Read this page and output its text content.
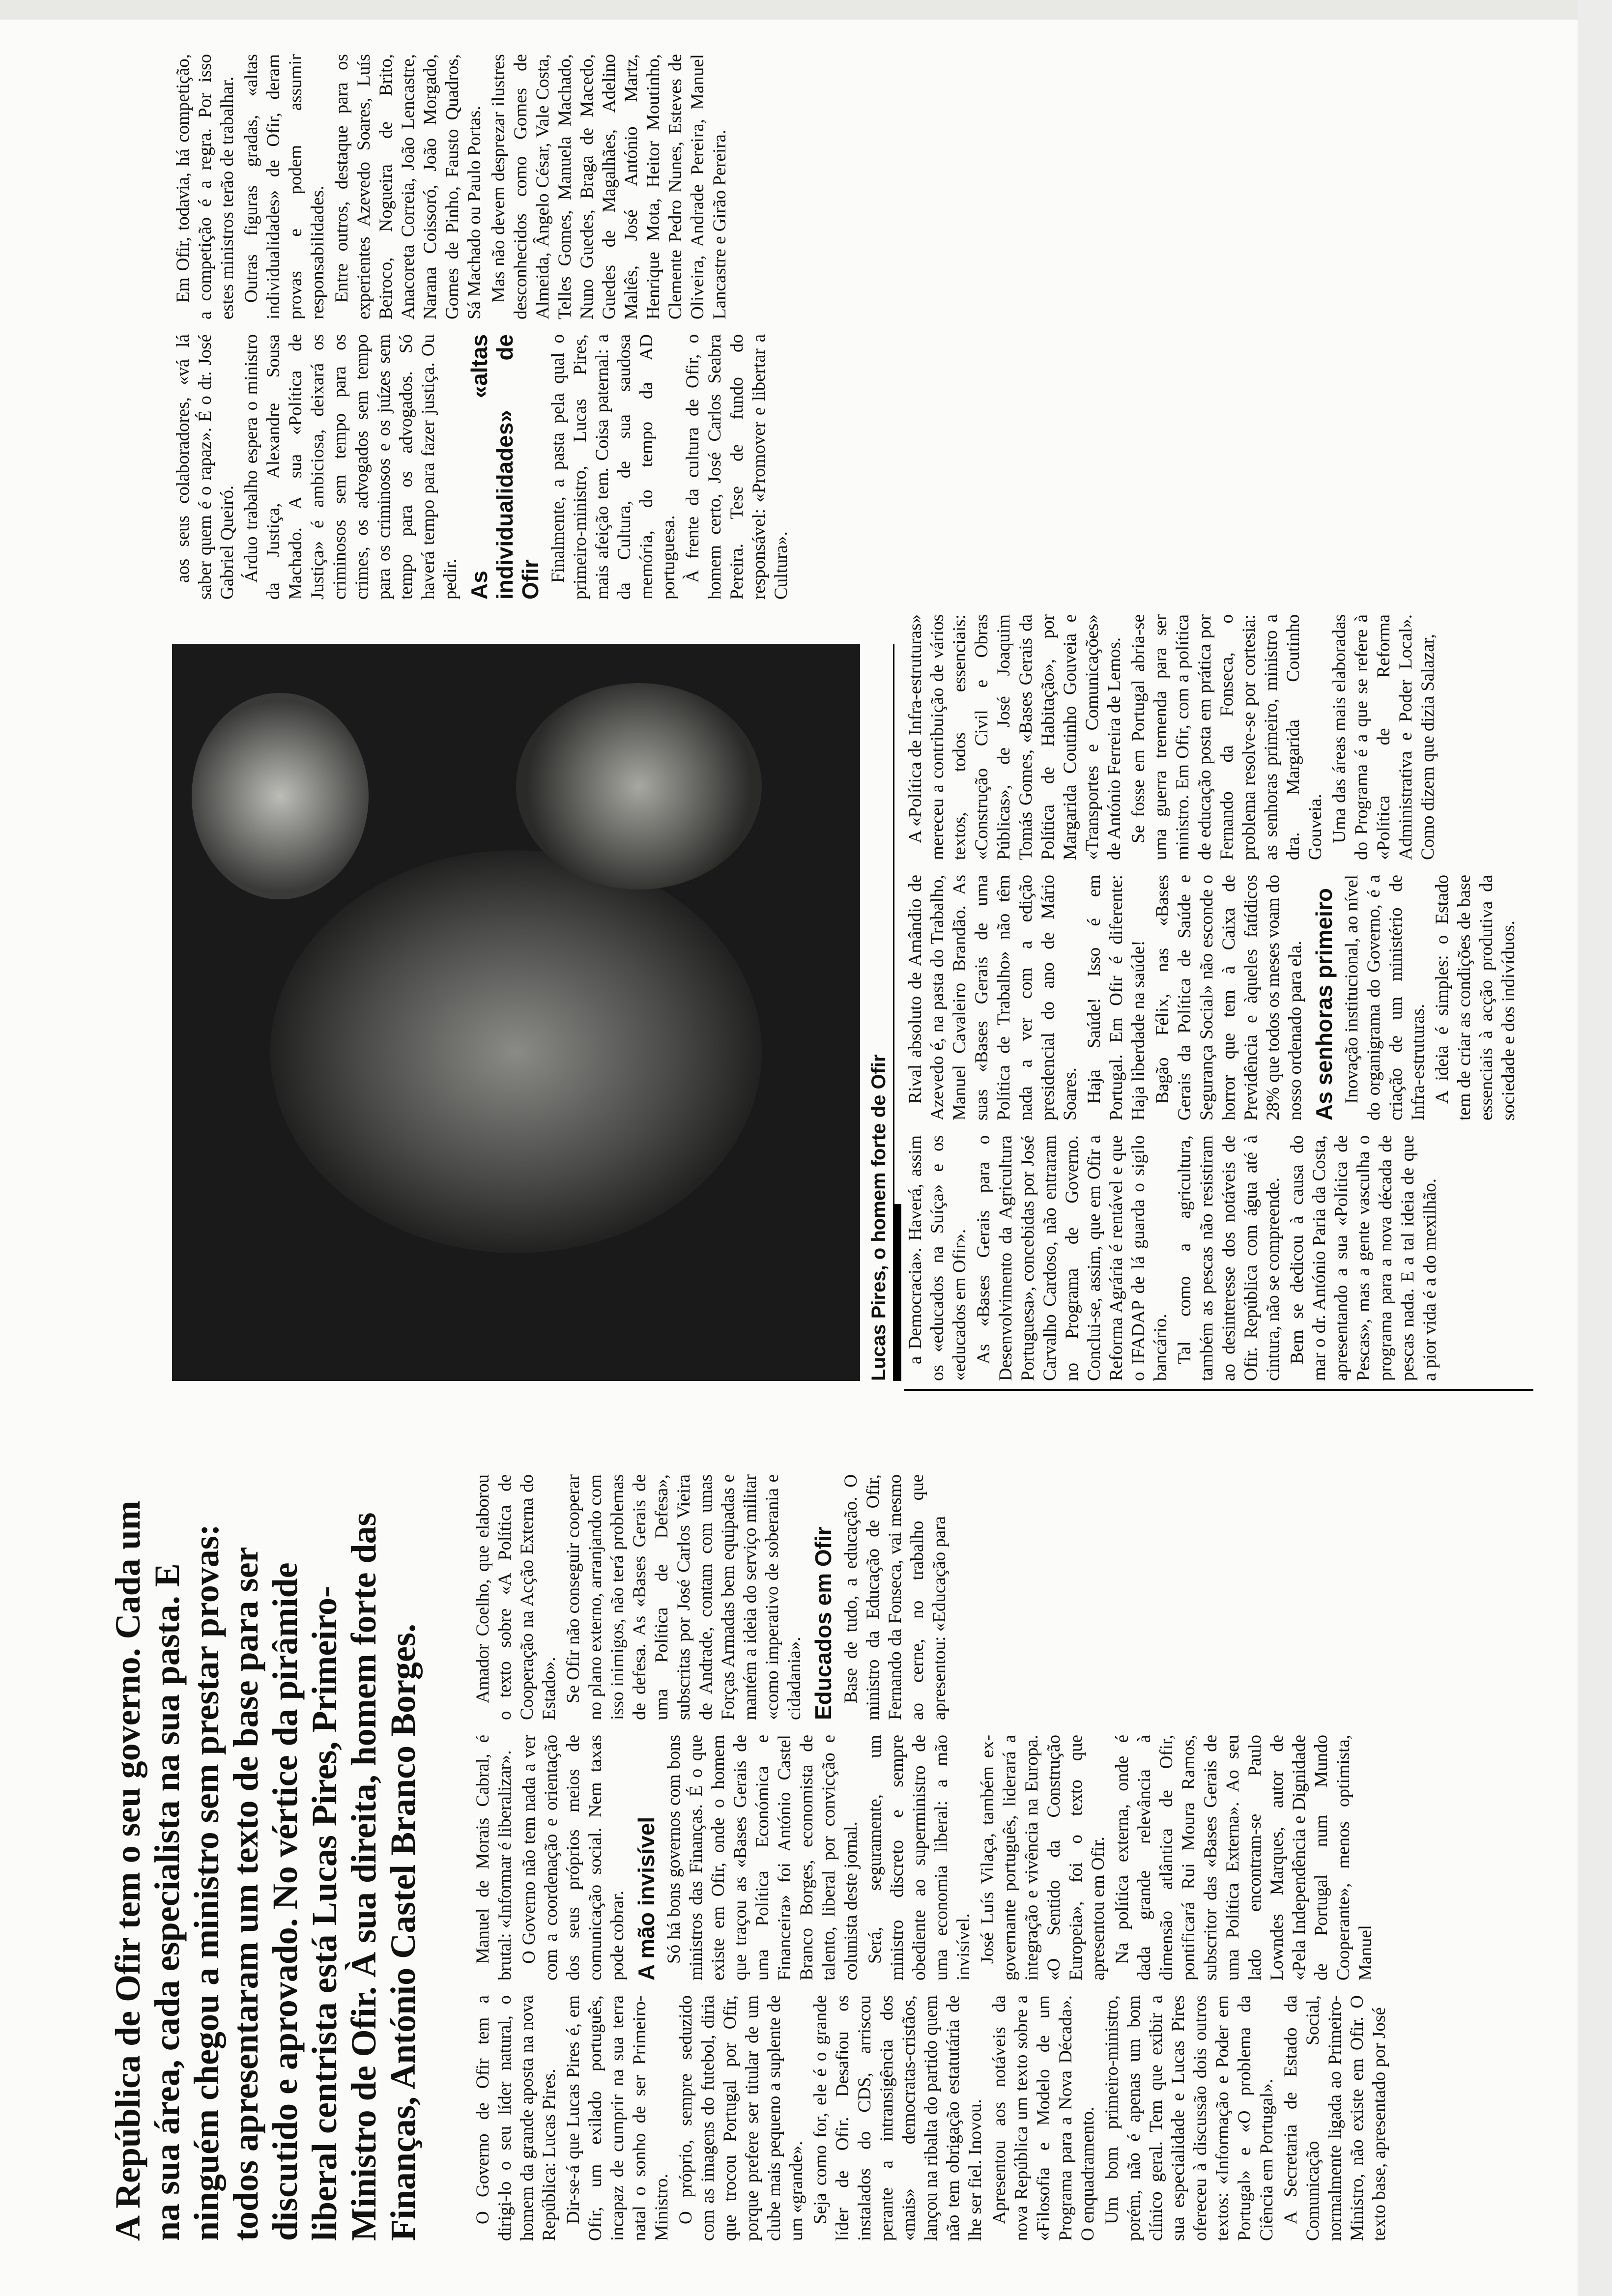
A República de Ofir tem o seu governo. Cada um na sua área, cada especialista na sua pasta. E ninguém chegou a ministro sem prestar provas: todos apresentaram um texto de base para ser discutido e aprovado. No vértice da pirâmide liberal centrista está Lucas Pires, Primeiro-Ministro de Ofir. À sua direita, homem forte das Finanças, António Castel Branco Borges.
Lucas Pires, o homem forte de Ofir

O Governo de Ofir tem a dirigi-lo o seu líder natural, o homem da grande aposta na nova República: Lucas Pires. Dir-se-á que Lucas Pires é, em Ofir, um exilado português, incapaz de cumprir na sua terra natal o sonho de ser Primeiro-Ministro. O próprio, sempre seduzido com as imagens do futebol, diria que trocou Portugal por Ofir, porque prefere ser titular de um clube mais pequeno a suplente de um «grande». Seja como for, ele é o grande líder de Ofir. Desafiou os instalados do CDS, arriscou perante a intransigência dos «mais» democratas-cristãos, lançou na ribalta do partido quem não tem obrigação estatutária de lhe ser fiel. Inovou. Apresentou aos notáveis da nova República um texto sobre a «Filosofia e Modelo de um Programa para a Nova Década». O enquadramento. Um bom primeiro-ministro, porém, não é apenas um bom clínico geral. Tem que exibir a sua especialidade e Lucas Pires ofereceu à discussão dois outros textos: «Informação e Poder em Portugal» e «O problema da Ciência em Portugal». A Secretaria de Estado da Comunicação Social, normalmente ligada ao Primeiro-Ministro, não existe em Ofir. O texto base, apresentado por José

Manuel de Morais Cabral, é brutal: «Informar é liberalizar». O Governo não tem nada a ver com a coordenação e orientação dos seus próprios meios de comunicação social. Nem taxas pode cobrar. A mão invisível Só há bons governos com bons ministros das Finanças. É o que existe em Ofir, onde o homem que traçou as «Bases Gerais de uma Política Económica e Financeira» foi António Castel Branco Borges, economista de talento, liberal por convicção e colunista deste jornal. Será, seguramente, um ministro discreto e sempre obediente ao superministro de uma economia liberal: a mão invisível. José Luís Vilaça, também ex-governante português, liderará a integração e vivência na Europa. «O Sentido da Construção Europeia», foi o texto que apresentou em Ofir. Na política externa, onde é dada grande relevância à dimensão atlântica de Ofir, pontificará Rui Moura Ramos, subscritor das «Bases Gerais de uma Política Externa». Ao seu lado encontram-se Paulo Lowndes Marques, autor de «Pela Independência e Dignidade de Portugal num Mundo Cooperante», menos optimista, Manuel

Amador Coelho, que elaborou o texto sobre «A Política de Cooperação na Acção Externa do Estado». Se Ofir não conseguir cooperar no plano externo, arranjando com isso inimigos, não terá problemas de defesa. As «Bases Gerais de uma Política de Defesa», subscritas por José Carlos Vieira de Andrade, contam com umas Forças Armadas bem equipadas e mantém a ideia do serviço militar «como imperativo de soberania e cidadania». Educados em Ofir Base de tudo, a educação. O ministro da Educação de Ofir, Fernando da Fonseca, vai mesmo ao cerne, no trabalho que apresentou: «Educação para

a Democracia». Haverá, assim os «educados na Suíça» e os «educados em Ofir». As «Bases Gerais para o Desenvolvimento da Agricultura Portuguesa», concebidas por José Carvalho Cardoso, não entraram no Programa de Governo. Conclui-se, assim, que em Ofir a Reforma Agrária é rentável e que o IFADAP de lá guarda o sigilo bancário. Tal como a agricultura, também as pescas não resistiram ao desinteresse dos notáveis de Ofir. República com água até à cintura, não se compreende. Bem se dedicou à causa do mar o dr. António Paria da Costa, apresentando a sua «Política de Pescas», mas a gente vasculha o programa para a nova década de pescas nada. E a tal ideia de que a pior vida é a do mexilhão.

Rival absoluto de Amândio de Azevedo é, na pasta do Trabalho, Manuel Cavaleiro Brandão. As suas «Bases Gerais de uma Política de Trabalho» não têm nada a ver com a edição presidencial do ano de Mário Soares. Haja Saúde! Isso é em Portugal. Em Ofir é diferente: Haja liberdade na saúde! Bagão Félix, nas «Bases Gerais da Política de Saúde e Segurança Social» não esconde o horror que tem à Caixa de Previdência e àqueles fatídicos 28% que todos os meses voam do nosso ordenado para ela. As senhoras primeiro Inovação institucional, ao nível do organigrama do Governo, é a criação de um ministério de Infra-estruturas. A ideia é simples: o Estado tem de criar as condições de base essenciais à acção produtiva da sociedade e dos indivíduos.

A «Política de Infra-estruturas» mereceu a contribuição de vários textos, todos essenciais: «Construção Civil e Obras Públicas», de José Joaquim Tomás Gomes, «Bases Gerais da Política de Habitação», por Margarida Coutinho Gouveia e «Transportes e Comunicações» de António Ferreira de Lemos. Se fosse em Portugal abria-se uma guerra tremenda para ser ministro. Em Ofir, com a política de educação posta em prática por Fernando da Fonseca, o problema resolve-se por cortesia: as senhoras primeiro, ministro a dra. Margarida Coutinho Gouveia. Uma das áreas mais elaboradas do Programa é a que se refere à «Política de Reforma Administrativa e Poder Local». Como dizem que dizia Salazar,

aos seus colaboradores, «vá lá saber quem é o rapaz». É o dr. José Gabriel Queiró. Árduo trabalho espera o ministro da Justiça, Alexandre Sousa Machado. A sua «Política de Justiça» é ambiciosa, deixará os criminosos sem tempo para os crimes, os advogados sem tempo para os criminosos e os juízes sem tempo para os advogados. Só haverá tempo para fazer justiça. Ou pedir. As «altas individualidades» de Ofir Finalmente, a pasta pela qual o primeiro-ministro, Lucas Pires, mais afeição tem. Coisa paternal: a da Cultura, de sua saudosa memória, do tempo da AD portuguesa. À frente da cultura de Ofir, o homem certo, José Carlos Seabra Pereira. Tese de fundo do responsável: «Promover e libertar a Cultura».

Em Ofir, todavia, há competição, a competição é a regra. Por isso estes ministros terão de trabalhar. Outras figuras gradas, «altas individualidades» de Ofir, deram provas e podem assumir responsabilidades. Entre outros, destaque para os experientes Azevedo Soares, Luís Beiroco, Nogueira de Brito, Anacoreta Correia, João Lencastre, Narana Coissoró, João Morgado, Gomes de Pinho, Fausto Quadros, Sá Machado ou Paulo Portas. Mas não devem desprezar ilustres desconhecidos como Gomes de Almeida, Ângelo César, Vale Costa, Telles Gomes, Manuela Machado, Nuno Guedes, Braga de Macedo, Guedes de Magalhães, Adelino Maltês, José António Martz, Henrique Mota, Heitor Moutinho, Clemente Pedro Nunes, Esteves de Oliveira, Andrade Pereira, Manuel Lancastre e Girão Pereira.
